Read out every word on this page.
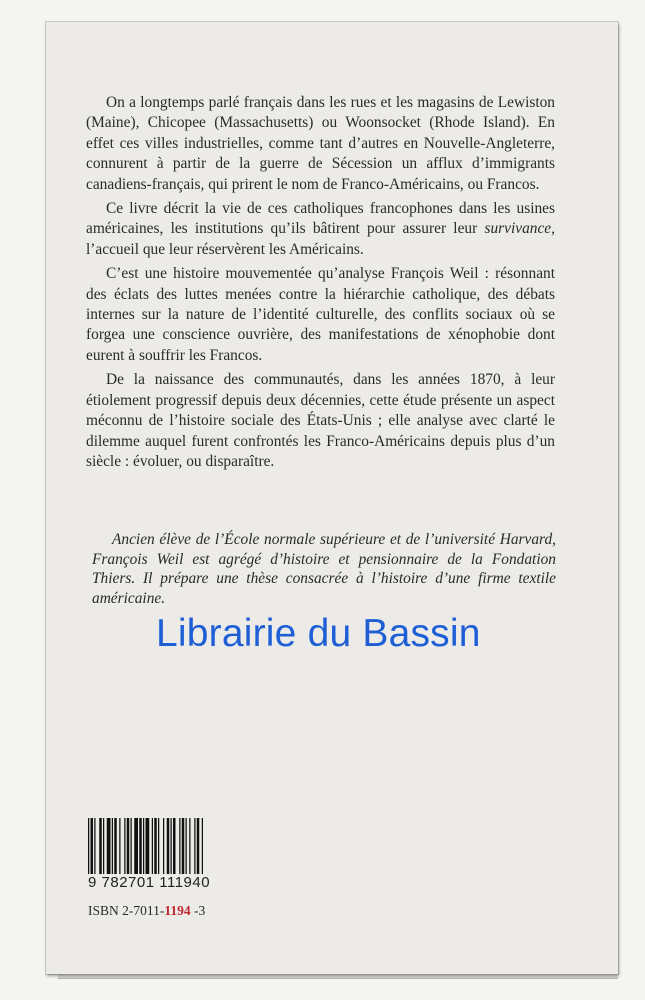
On a longtemps parlé français dans les rues et les magasins de Lewiston (Maine), Chicopee (Massachusetts) ou Woonsocket (Rhode Island). En effet ces villes industrielles, comme tant d’autres en Nouvelle-Angleterre, connurent à partir de la guerre de Sécession un afflux d’immigrants canadiens-français, qui prirent le nom de Franco-Américains, ou Francos.

Ce livre décrit la vie de ces catholiques francophones dans les usines américaines, les institutions qu’ils bâtirent pour assurer leur survivance, l’accueil que leur réservèrent les Américains.

C’est une histoire mouvementée qu’analyse François Weil : résonnant des éclats des luttes menées contre la hiérarchie catholique, des débats internes sur la nature de l’identité culturelle, des conflits sociaux où se forgea une conscience ouvrière, des manifestations de xénophobie dont eurent à souffrir les Francos.

De la naissance des communautés, dans les années 1870, à leur étiolement progressif depuis deux décennies, cette étude présente un aspect méconnu de l’histoire sociale des États-Unis ; elle analyse avec clarté le dilemme auquel furent confrontés les Franco-Américains depuis plus d’un siècle : évoluer, ou disparaître.

Ancien élève de l’École normale supérieure et de l’université Harvard, François Weil est agrégé d’histoire et pensionnaire de la Fondation Thiers. Il prépare une thèse consacrée à l’histoire d’une firme textile américaine.

Librairie du Bassin
9 782701 111940
ISBN 2-7011-1194 -3
